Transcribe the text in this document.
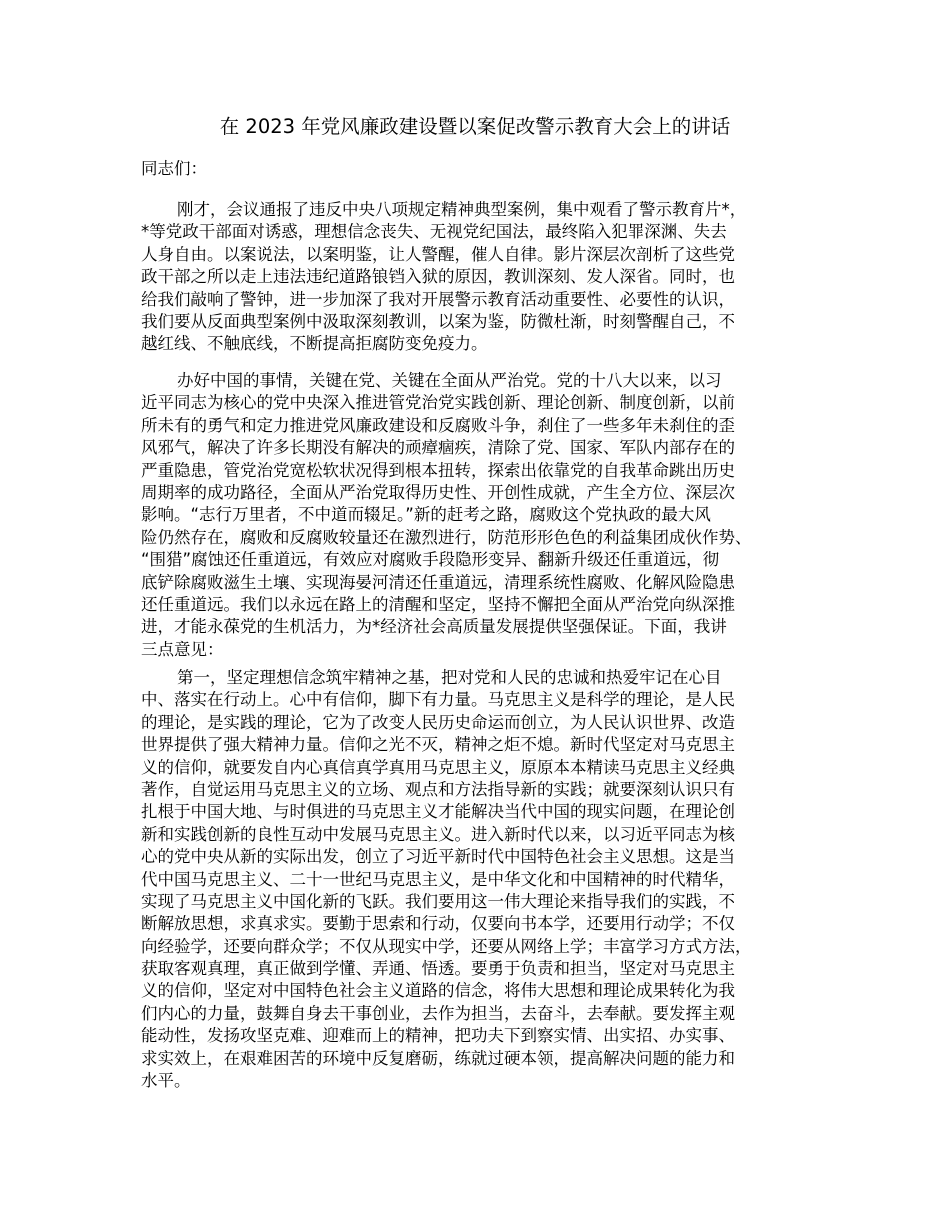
在 2023 年党风廉政建设暨以案促改警示教育大会上的讲话

同志们：

刚才，会议通报了违反中央八项规定精神典型案例，集中观看了警示教育片*，
*等党政干部面对诱惑，理想信念丧失、无视党纪国法，最终陷入犯罪深渊、失去
人身自由。以案说法，以案明鉴，让人警醒，催人自律。影片深层次剖析了这些党
政干部之所以走上违法违纪道路锒铛入狱的原因，教训深刻、发人深省。同时，也
给我们敲响了警钟，进一步加深了我对开展警示教育活动重要性、必要性的认识，
我们要从反面典型案例中汲取深刻教训，以案为鉴，防微杜渐，时刻警醒自己，不
越红线、不触底线，不断提高拒腐防变免疫力。

办好中国的事情，关键在党、关键在全面从严治党。党的十八大以来，以习
近平同志为核心的党中央深入推进管党治党实践创新、理论创新、制度创新，以前
所未有的勇气和定力推进党风廉政建设和反腐败斗争，刹住了一些多年未刹住的歪
风邪气，解决了许多长期没有解决的顽瘴痼疾，清除了党、国家、军队内部存在的
严重隐患，管党治党宽松软状况得到根本扭转，探索出依靠党的自我革命跳出历史
周期率的成功路径，全面从严治党取得历史性、开创性成就，产生全方位、深层次
影响。“志行万里者，不中道而辍足。”新的赶考之路，腐败这个党执政的最大风
险仍然存在，腐败和反腐败较量还在激烈进行，防范形形色色的利益集团成伙作势、
“围猎”腐蚀还任重道远，有效应对腐败手段隐形变异、翻新升级还任重道远，彻
底铲除腐败滋生土壤、实现海晏河清还任重道远，清理系统性腐败、化解风险隐患
还任重道远。我们以永远在路上的清醒和坚定，坚持不懈把全面从严治党向纵深推
进，才能永葆党的生机活力，为*经济社会高质量发展提供坚强保证。下面，我讲
三点意见：

第一，坚定理想信念筑牢精神之基，把对党和人民的忠诚和热爱牢记在心目
中、落实在行动上。心中有信仰，脚下有力量。马克思主义是科学的理论，是人民
的理论，是实践的理论，它为了改变人民历史命运而创立，为人民认识世界、改造
世界提供了强大精神力量。信仰之光不灭，精神之炬不熄。新时代坚定对马克思主
义的信仰，就要发自内心真信真学真用马克思主义，原原本本精读马克思主义经典
著作，自觉运用马克思主义的立场、观点和方法指导新的实践；就要深刻认识只有
扎根于中国大地、与时俱进的马克思主义才能解决当代中国的现实问题，在理论创
新和实践创新的良性互动中发展马克思主义。进入新时代以来，以习近平同志为核
心的党中央从新的实际出发，创立了习近平新时代中国特色社会主义思想。这是当
代中国马克思主义、二十一世纪马克思主义，是中华文化和中国精神的时代精华，
实现了马克思主义中国化新的飞跃。我们要用这一伟大理论来指导我们的实践，不
断解放思想，求真求实。要勤于思索和行动，仅要向书本学，还要用行动学；不仅
向经验学，还要向群众学；不仅从现实中学，还要从网络上学；丰富学习方式方法，
获取客观真理，真正做到学懂、弄通、悟透。要勇于负责和担当，坚定对马克思主
义的信仰，坚定对中国特色社会主义道路的信念，将伟大思想和理论成果转化为我
们内心的力量，鼓舞自身去干事创业，去作为担当，去奋斗，去奉献。要发挥主观
能动性，发扬攻坚克难、迎难而上的精神，把功夫下到察实情、出实招、办实事、
求实效上，在艰难困苦的环境中反复磨砺，练就过硬本领，提高解决问题的能力和
水平。
